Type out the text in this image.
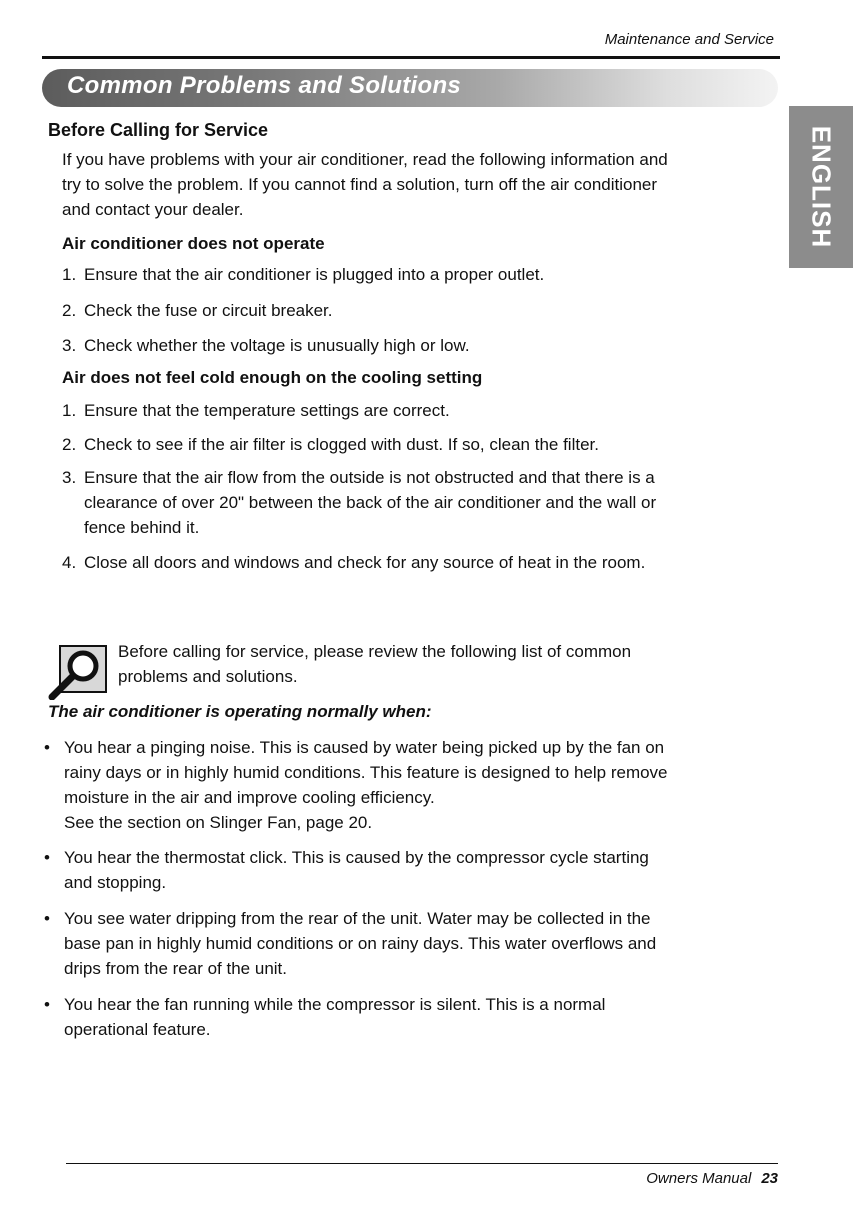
Maintenance and Service
Common Problems and Solutions
ENGLISH
Before Calling for Service
If you have problems with your air conditioner, read the following information and
try to solve the problem. If you cannot find a solution, turn off the air conditioner
and contact your dealer.
Air conditioner does not operate
1. Ensure that the air conditioner is plugged into a proper outlet.
2. Check the fuse or circuit breaker.
3. Check whether the voltage is unusually high or low.
Air does not feel cold enough on the cooling setting
1. Ensure that the temperature settings are correct.
2. Check to see if the air filter is clogged with dust. If so, clean the filter.
3. Ensure that the air flow from the outside is not obstructed and that there is a
clearance of over 20" between the back of the air conditioner and the wall or
fence behind it.
4. Close all doors and windows and check for any source of heat in the room.
Before calling for service, please review the following list of common
problems and solutions.
The air conditioner is operating normally when:
• You hear a pinging noise. This is caused by water being picked up by the fan on
rainy days or in highly humid conditions. This feature is designed to help remove
moisture in the air and improve cooling efficiency.
See the section on Slinger Fan, page 20.
• You hear the thermostat click. This is caused by the compressor cycle starting
and stopping.
• You see water dripping from the rear of the unit. Water may be collected in the
base pan in highly humid conditions or on rainy days. This water overflows and
drips from the rear of the unit.
• You hear the fan running while the compressor is silent. This is a normal
operational feature.
Owners Manual 23
